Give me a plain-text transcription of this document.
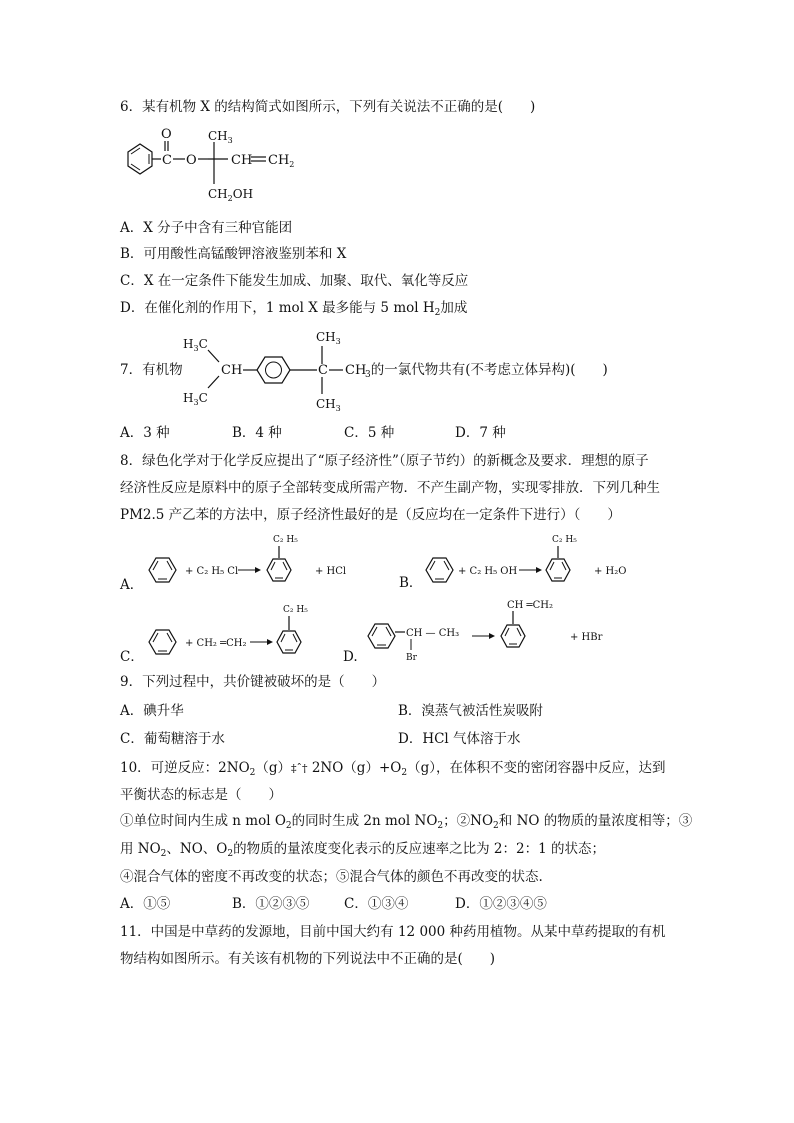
6．某有机物 X 的结构简式如图所示，下列有关说法不正确的是(　　)
C
O
O
$CH_3$
CH $CH_2$
$CH_2OH$
A．X 分子中含有三种官能团
B．可用酸性高锰酸钾溶液鉴别苯和 X
C．X 在一定条件下能发生加成、加聚、取代、氧化等反应
D．在催化剂的作用下，1 mol X 最多能与 5 mol $H_2$加成
7．有机物
$H_3C$
CH
$H_3C$
C
$CH_3$
CH
$CH_3$
$_3$的一氯代物共有(不考虑立体异构)(　　)
A．3 种	B．4 种	C．5 种	D．7 种
8．绿色化学对于化学反应提出了“原子经济性”（原子节约）的新概念及要求．理想的原子
经济性反应是原料中的原子全部转变成所需产物．不产生副产物，实现零排放．下列几种生
PM2.5 产乙苯的方法中，原子经济性最好的是（反应均在一定条件下进行）（　　）
A．
+ C₂ H₅ Cl
C₂ H₅
+ HCl
B．
+ C₂ H₅ OH
C₂ H₅
+ H₂O
C．
+ CH₂ ═CH₂
C₂ H₅
D.
CH — CH₃
Br
CH ═CH₂
+ HBr
9．下列过程中，共价键被破坏的是（　　）
A．碘升华	B．溴蒸气被活性炭吸附
C．葡萄糖溶于水	D．HCl 气体溶于水
10．可逆反应：$2NO_2(g)\ddagger ˆ\dagger$ $2NO(g)+O_2(g)$，在体积不变的密闭容器中反应，达到
平衡状态的标志是（　　）
①单位时间内生成 n mol $O_2$的同时生成 2n mol $NO_2$；$②NO_2$和 NO 的物质的量浓度相等；③
用 $NO_2$、NO、$O_2$的物质的量浓度变化表示的反应速率之比为 2：2：1 的状态；
④混合气体的密度不再改变的状态；⑤混合气体的颜色不再改变的状态.
A．①⑤	B．①②③⑤	C．①③④	D．①②③④⑤
11．中国是中草药的发源地，目前中国大约有 12 000 种药用植物。从某中草药提取的有机
物结构如图所示。有关该有机物的下列说法中不正确的是(　　)
